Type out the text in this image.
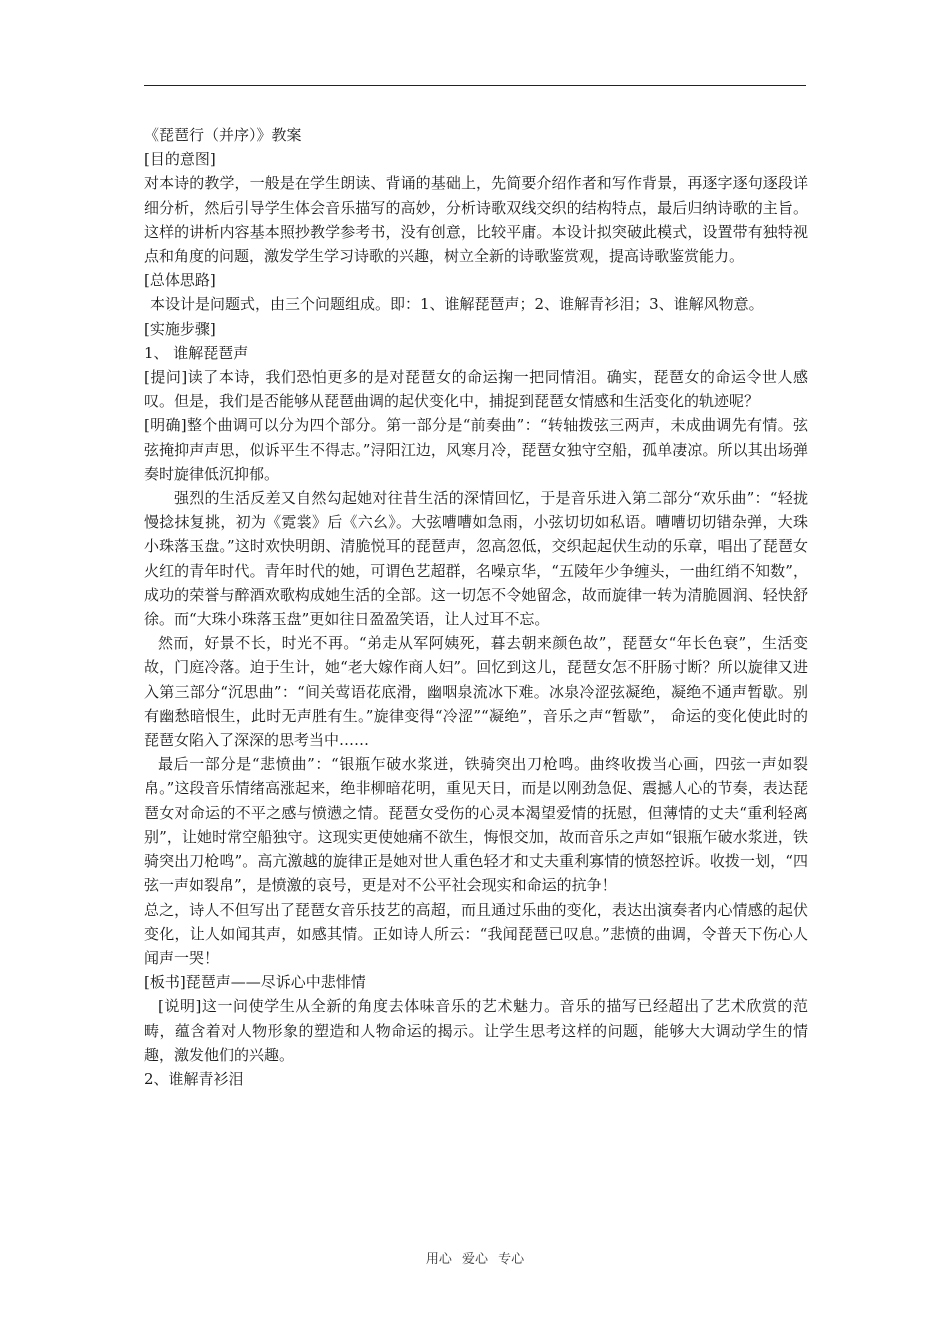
《琵琶行（并序）》教案

[目的意图]

对本诗的教学，一般是在学生朗读、背诵的基础上，先简要介绍作者和写作背景，再逐字逐句逐段详细分析，然后引导学生体会音乐描写的高妙，分析诗歌双线交织的结构特点，最后归纳诗歌的主旨。这样的讲析内容基本照抄教学参考书，没有创意，比较平庸。本设计拟突破此模式，设置带有独特视点和角度的问题，激发学生学习诗歌的兴趣，树立全新的诗歌鉴赏观，提高诗歌鉴赏能力。

[总体思路]

本设计是问题式，由三个问题组成。即：1、谁解琵琶声；2、谁解青衫泪；3、谁解风物意。

[实施步骤]

1、 谁解琵琶声

[提问]读了本诗，我们恐怕更多的是对琵琶女的命运掬一把同情泪。确实，琵琶女的命运令世人感叹。但是，我们是否能够从琵琶曲调的起伏变化中，捕捉到琵琶女情感和生活变化的轨迹呢？

[明确]整个曲调可以分为四个部分。第一部分是“前奏曲”：“转轴拨弦三两声，未成曲调先有情。弦弦掩抑声声思，似诉平生不得志。”浔阳江边，风寒月冷，琵琶女独守空船，孤单凄凉。所以其出场弹奏时旋律低沉抑郁。

强烈的生活反差又自然勾起她对往昔生活的深情回忆，于是音乐进入第二部分“欢乐曲”：“轻拢慢捻抹复挑，初为《霓裳》后《六幺》。大弦嘈嘈如急雨，小弦切切如私语。嘈嘈切切错杂弹，大珠小珠落玉盘。”这时欢快明朗、清脆悦耳的琵琶声，忽高忽低，交织起起伏生动的乐章，唱出了琵琶女火红的青年时代。青年时代的她，可谓色艺超群，名噪京华，“五陵年少争缠头，一曲红绡不知数”，成功的荣誉与醉酒欢歌构成她生活的全部。这一切怎不令她留念，故而旋律一转为清脆圆润、轻快舒徐。而“大珠小珠落玉盘”更如往日盈盈笑语，让人过耳不忘。

然而，好景不长，时光不再。“弟走从军阿姨死，暮去朝来颜色故”，琵琶女“年长色衰”，生活变故，门庭冷落。迫于生计，她“老大嫁作商人妇”。回忆到这儿，琵琶女怎不肝肠寸断？所以旋律又进入第三部分“沉思曲”：“间关莺语花底滑，幽咽泉流冰下难。冰泉冷涩弦凝绝，凝绝不通声暂歇。别有幽愁暗恨生，此时无声胜有生。”旋律变得“冷涩”“凝绝”，音乐之声“暂歇”， 命运的变化使此时的琵琶女陷入了深深的思考当中……

最后一部分是“悲愤曲”：“银瓶乍破水浆迸，铁骑突出刀枪鸣。曲终收拨当心画，四弦一声如裂帛。”这段音乐情绪高涨起来，绝非柳暗花明，重见天日，而是以刚劲急促、震撼人心的节奏，表达琵琶女对命运的不平之感与愤懑之情。琵琶女受伤的心灵本渴望爱情的抚慰，但薄情的丈夫“重利轻离别”，让她时常空船独守。这现实更使她痛不欲生，悔恨交加，故而音乐之声如“银瓶乍破水浆迸，铁骑突出刀枪鸣”。高亢激越的旋律正是她对世人重色轻才和丈夫重利寡情的愤怒控诉。收拨一划，“四弦一声如裂帛”，是愤激的哀号，更是对不公平社会现实和命运的抗争！

总之，诗人不但写出了琵琶女音乐技艺的高超，而且通过乐曲的变化，表达出演奏者内心情感的起伏变化，让人如闻其声，如感其情。正如诗人所云：“我闻琵琶已叹息。”悲愤的曲调，令普天下伤心人闻声一哭！

[板书]琵琶声——尽诉心中悲悱情

[说明]这一问使学生从全新的角度去体味音乐的艺术魅力。音乐的描写已经超出了艺术欣赏的范畴，蕴含着对人物形象的塑造和人物命运的揭示。让学生思考这样的问题，能够大大调动学生的情趣，激发他们的兴趣。

2、谁解青衫泪

用心 爱心 专心
